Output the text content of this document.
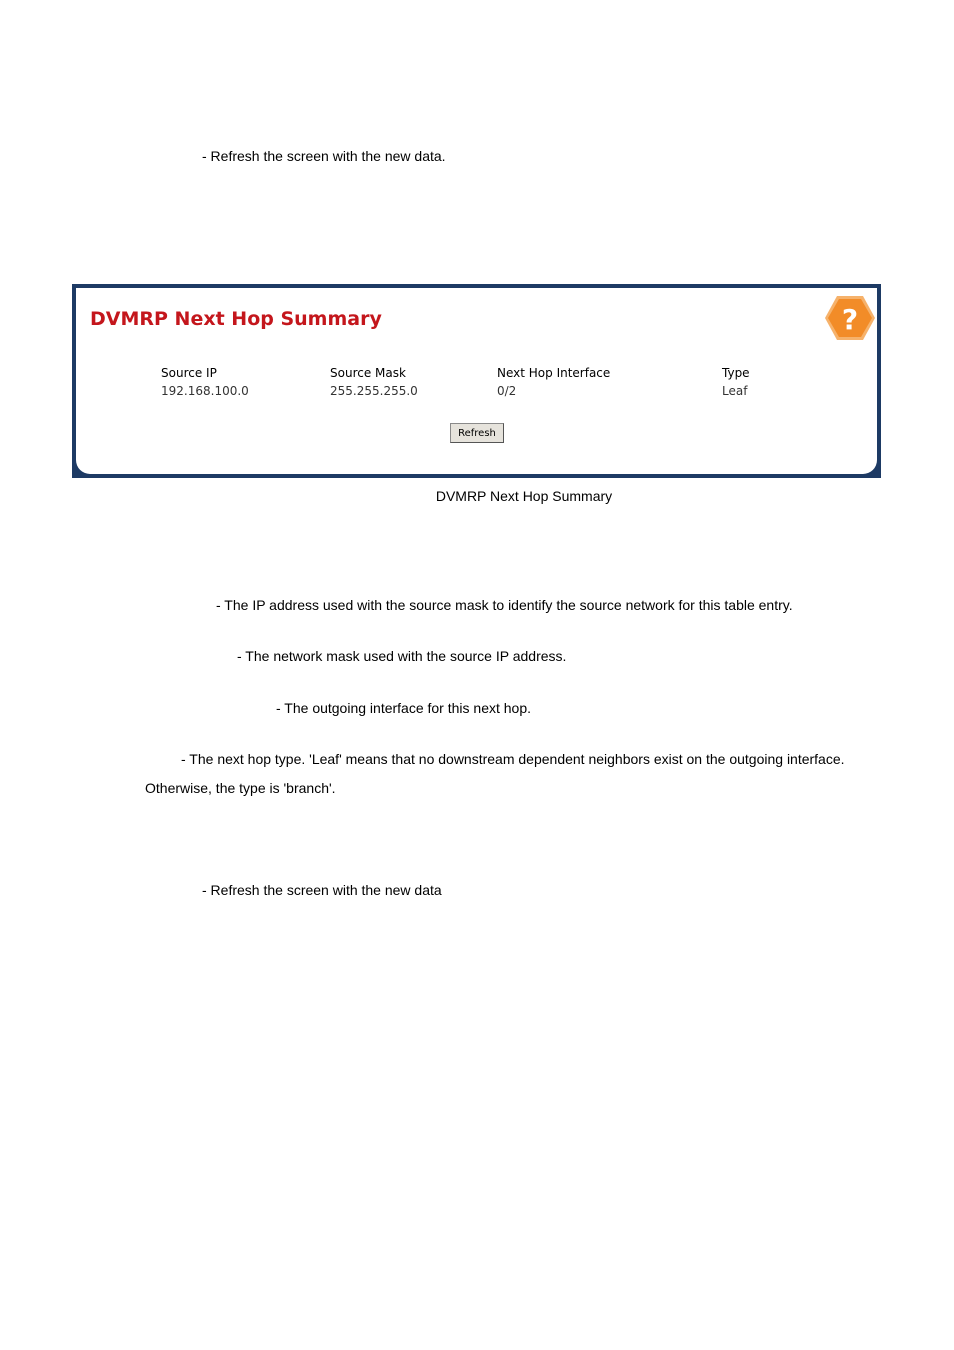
- Refresh the screen with the new data.
DVMRP Next Hop Summary	?
Source IP
192.168.100.0
Source Mask
255.255.255.0
Next Hop Interface
0/2
Type
Leaf
Refresh
DVMRP Next Hop Summary
- The IP address used with the source mask to identify the source network for this table entry.
- The network mask used with the source IP address.
- The outgoing interface for this next hop.
- The next hop type. 'Leaf' means that no downstream dependent neighbors exist on the outgoing interface.
Otherwise, the type is 'branch'.
- Refresh the screen with the new data
